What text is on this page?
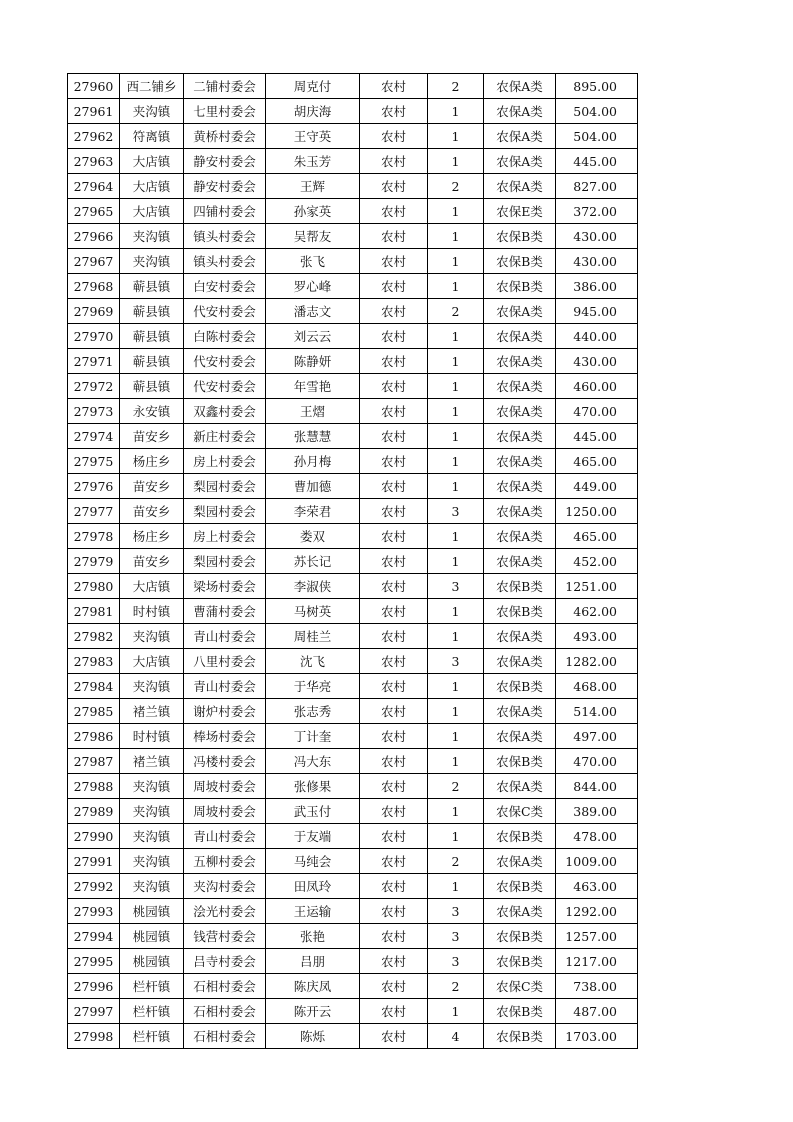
27960	西二铺乡	二铺村委会	周克付	农村	2	农保A类	895.00
27961	夹沟镇	七里村委会	胡庆海	农村	1	农保A类	504.00
27962	符离镇	黄桥村委会	王守英	农村	1	农保A类	504.00
27963	大店镇	静安村委会	朱玉芳	农村	1	农保A类	445.00
27964	大店镇	静安村委会	王辉	农村	2	农保A类	827.00
27965	大店镇	四铺村委会	孙家英	农村	1	农保E类	372.00
27966	夹沟镇	镇头村委会	吴帮友	农村	1	农保B类	430.00
27967	夹沟镇	镇头村委会	张飞	农村	1	农保B类	430.00
27968	蕲县镇	白安村委会	罗心峰	农村	1	农保B类	386.00
27969	蕲县镇	代安村委会	潘志文	农村	2	农保A类	945.00
27970	蕲县镇	白陈村委会	刘云云	农村	1	农保A类	440.00
27971	蕲县镇	代安村委会	陈静妍	农村	1	农保A类	430.00
27972	蕲县镇	代安村委会	年雪艳	农村	1	农保A类	460.00
27973	永安镇	双鑫村委会	王熠	农村	1	农保A类	470.00
27974	苗安乡	新庄村委会	张慧慧	农村	1	农保A类	445.00
27975	杨庄乡	房上村委会	孙月梅	农村	1	农保A类	465.00
27976	苗安乡	梨园村委会	曹加德	农村	1	农保A类	449.00
27977	苗安乡	梨园村委会	李荣君	农村	3	农保A类	1250.00
27978	杨庄乡	房上村委会	娄双	农村	1	农保A类	465.00
27979	苗安乡	梨园村委会	苏长记	农村	1	农保A类	452.00
27980	大店镇	梁场村委会	李淑侠	农村	3	农保B类	1251.00
27981	时村镇	曹蒲村委会	马树英	农村	1	农保B类	462.00
27982	夹沟镇	青山村委会	周桂兰	农村	1	农保A类	493.00
27983	大店镇	八里村委会	沈飞	农村	3	农保A类	1282.00
27984	夹沟镇	青山村委会	于华亮	农村	1	农保B类	468.00
27985	褚兰镇	谢炉村委会	张志秀	农村	1	农保A类	514.00
27986	时村镇	棒场村委会	丁计奎	农村	1	农保A类	497.00
27987	褚兰镇	冯楼村委会	冯大东	农村	1	农保B类	470.00
27988	夹沟镇	周坡村委会	张修果	农村	2	农保A类	844.00
27989	夹沟镇	周坡村委会	武玉付	农村	1	农保C类	389.00
27990	夹沟镇	青山村委会	于友端	农村	1	农保B类	478.00
27991	夹沟镇	五柳村委会	马纯会	农村	2	农保A类	1009.00
27992	夹沟镇	夹沟村委会	田凤玲	农村	1	农保B类	463.00
27993	桃园镇	浍光村委会	王运输	农村	3	农保A类	1292.00
27994	桃园镇	钱营村委会	张艳	农村	3	农保B类	1257.00
27995	桃园镇	吕寺村委会	吕朋	农村	3	农保B类	1217.00
27996	栏杆镇	石相村委会	陈庆凤	农村	2	农保C类	738.00
27997	栏杆镇	石相村委会	陈开云	农村	1	农保B类	487.00
27998	栏杆镇	石相村委会	陈烁	农村	4	农保B类	1703.00
